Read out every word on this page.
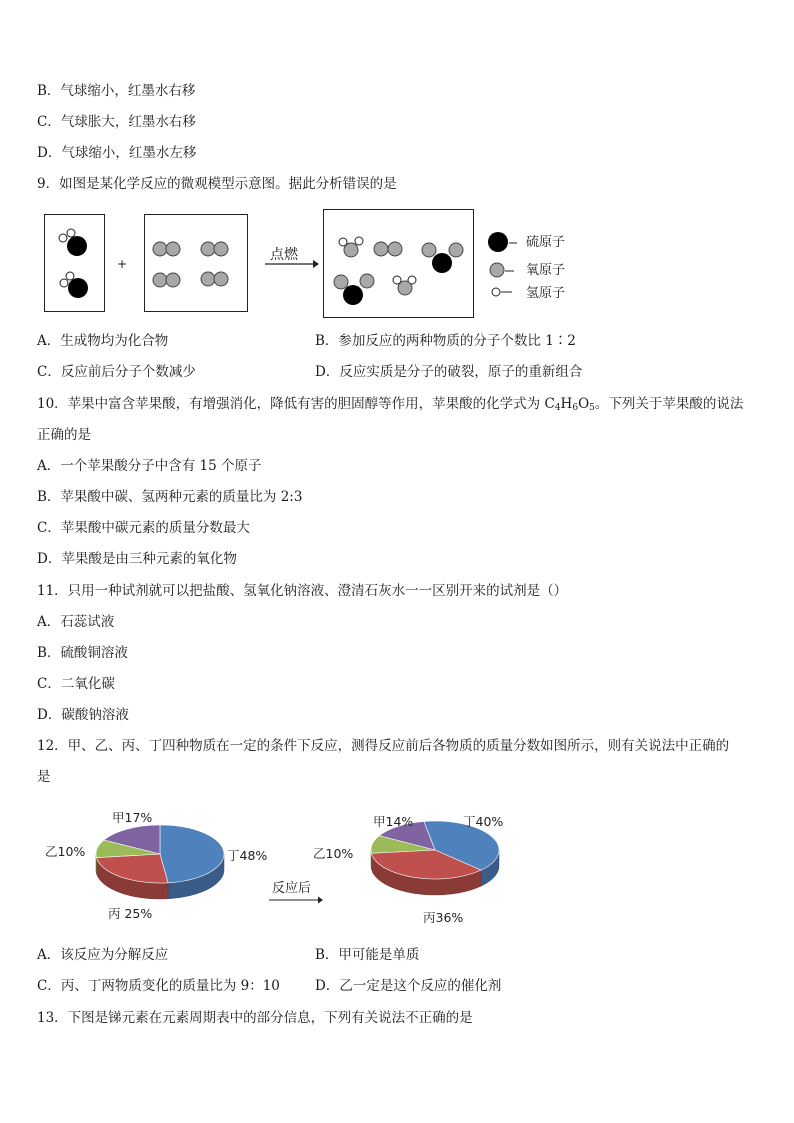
B．气球缩小，红墨水右移
C．气球胀大，红墨水右移
D．气球缩小，红墨水左移
9．如图是某化学反应的微观模型示意图。据此分析错误的是
+
点燃
硫原子
氧原子
氢原子
A．生成物均为化合物	B．参加反应的两种物质的分子个数比 1∶2
C．反应前后分子个数减少	D．反应实质是分子的破裂，原子的重新组合
10．苹果中富含苹果酸，有增强消化，降低有害的胆固醇等作用，苹果酸的化学式为 $C_4H_6O_5$。下列关于苹果酸的说法
正确的是
A．一个苹果酸分子中含有 15 个原子
B．苹果酸中碳、氢两种元素的质量比为 2:3
C．苹果酸中碳元素的质量分数最大
D．苹果酸是由三种元素的氧化物
11．只用一种试剂就可以把盐酸、氢氧化钠溶液、澄清石灰水一一区别开来的试剂是（）
A．石蕊试液
B．硫酸铜溶液
C．二氧化碳
D．碳酸钠溶液
12．甲、乙、丙、丁四种物质在一定的条件下反应，测得反应前后各物质的质量分数如图所示，则有关说法中正确的
是
甲17%
乙10%
丙 25%
丁48%
甲14%
乙10%
丙36%
丁40%
反应后
A．该反应为分解反应	B．甲可能是单质
C．丙、丁两物质变化的质量比为 9：10	D．乙一定是这个反应的催化剂
13．下图是锑元素在元素周期表中的部分信息，下列有关说法不正确的是
